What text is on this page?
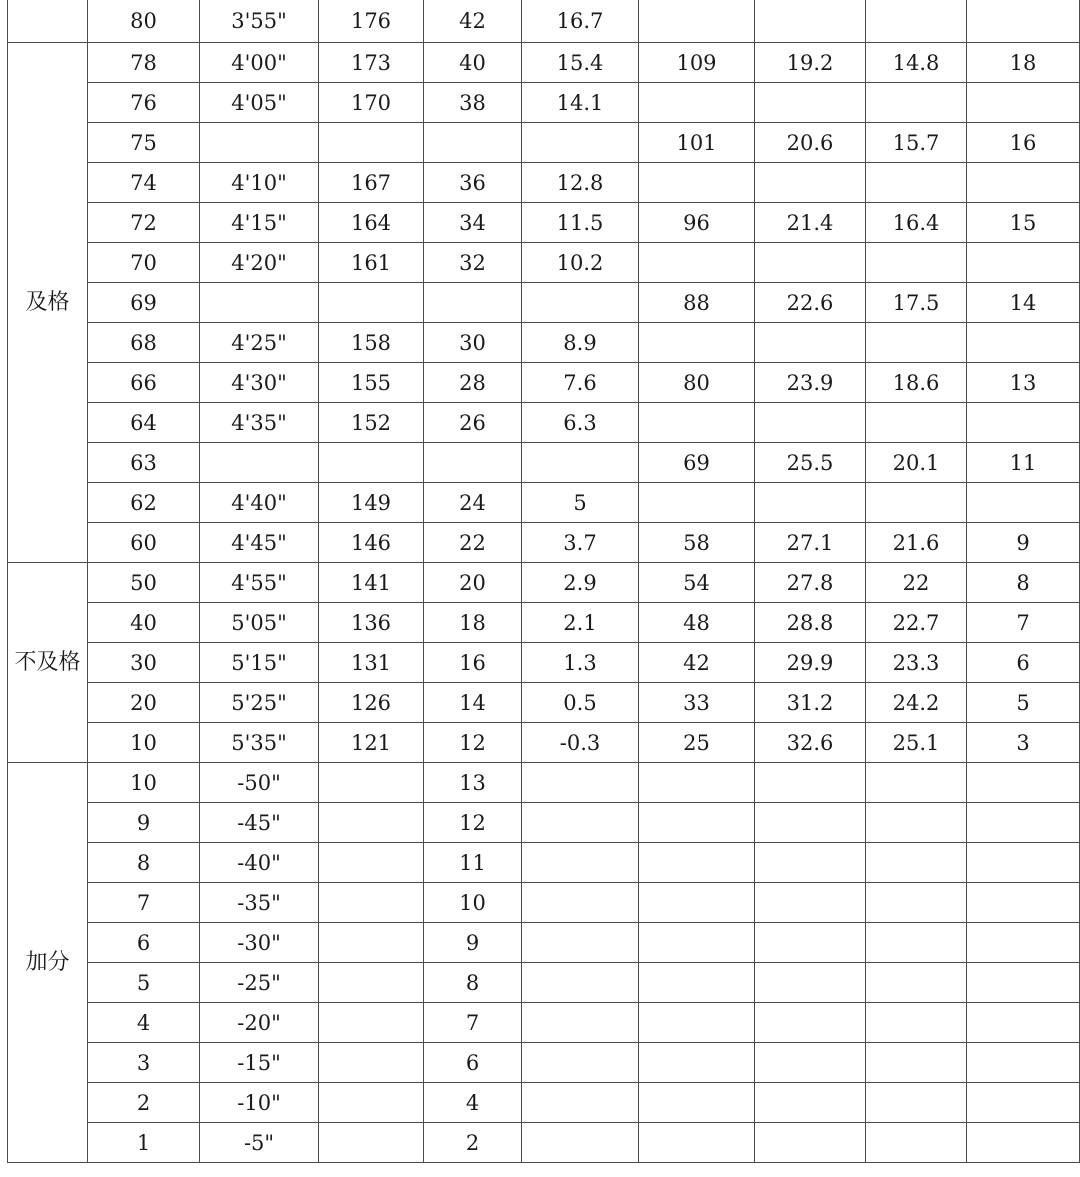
	80	3'55"	176	42	16.7				
及格	78	4'00"	173	40	15.4	109	19.2	14.8	18
	76	4'05"	170	38	14.1				
	75					101	20.6	15.7	16
	74	4'10"	167	36	12.8				
	72	4'15"	164	34	11.5	96	21.4	16.4	15
	70	4'20"	161	32	10.2				
	69					88	22.6	17.5	14
	68	4'25"	158	30	8.9				
	66	4'30"	155	28	7.6	80	23.9	18.6	13
	64	4'35"	152	26	6.3				
	63					69	25.5	20.1	11
	62	4'40"	149	24	5				
	60	4'45"	146	22	3.7	58	27.1	21.6	9
不及格	50	4'55"	141	20	2.9	54	27.8	22	8
	40	5'05"	136	18	2.1	48	28.8	22.7	7
	30	5'15"	131	16	1.3	42	29.9	23.3	6
	20	5'25"	126	14	0.5	33	31.2	24.2	5
	10	5'35"	121	12	-0.3	25	32.6	25.1	3
加分	10	-50"		13					
	9	-45"		12					
	8	-40"		11					
	7	-35"		10					
	6	-30"		9					
	5	-25"		8					
	4	-20"		7					
	3	-15"		6					
	2	-10"		4					
	1	-5"		2					
